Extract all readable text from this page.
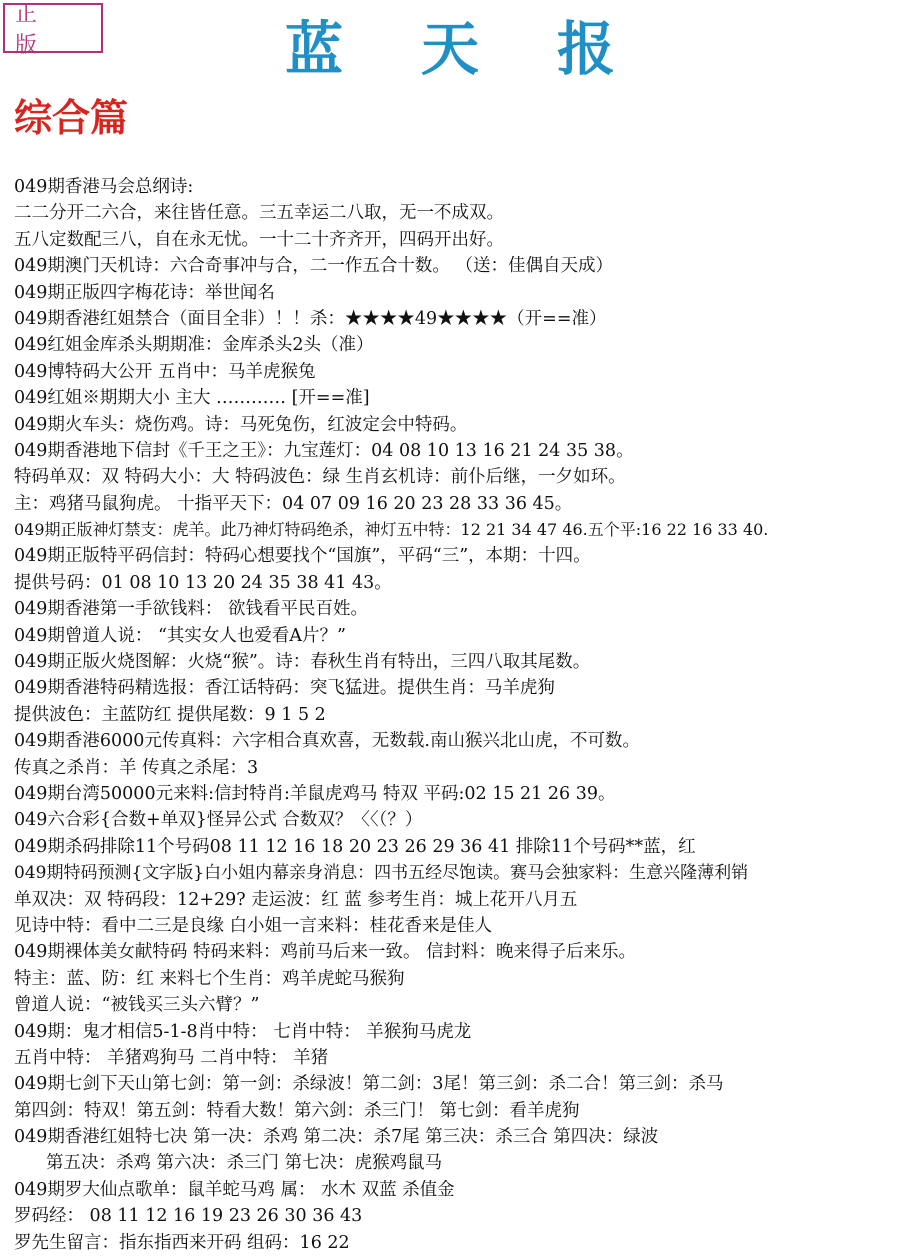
正 版	蓝天报
综合篇
049期香港马会总纲诗:
二二分开二六合，来往皆任意。三五幸运二八取，无一不成双。
五八定数配三八，自在永无忧。一十二十齐齐开，四码开出好。
049期澳门天机诗：六合奇事冲与合，二一作五合十数。 （送：佳偶自天成）
049期正版四字梅花诗：举世闻名
049期香港红姐禁合（面目全非）！！杀：★★★★49★★★★（开==准）
049红姐金库杀头期期准：金库杀头2头（准）
049博特码大公开 五肖中：马羊虎猴兔
049红姐※期期大小 主大 ………… [开==准]
049期火车头：烧伤鸡。诗：马死兔伤，红波定会中特码。
049期香港地下信封《千王之王》：九宝莲灯：04 08 10 13 16 21 24 35 38。
特码单双：双 特码大小：大 特码波色：绿 生肖玄机诗：前仆后继，一夕如环。
主：鸡猪马鼠狗虎。 十指平天下：04 07 09 16 20 23 28 33 36 45。
049期正版神灯禁支：虎羊。此乃神灯特码绝杀，神灯五中特：12 21 34 47 46.五个平:16 22 16 33 40.
049期正版特平码信封：特码心想要找个“国旗”，平码“三”，本期：十四。
提供号码：01 08 10 13 20 24 35 38 41 43。
049期香港第一手欲钱料： 欲钱看平民百姓。
049期曾道人说： “其实女人也爱看A片？”
049期正版火烧图解：火烧“猴”。诗：春秋生肖有特出，三四八取其尾数。
049期香港特码精选报：香江话特码：突飞猛进。提供生肖：马羊虎狗
提供波色：主蓝防红 提供尾数：9 1 5 2
049期香港6000元传真料：六字相合真欢喜，无数载.南山猴兴北山虎，不可数。
传真之杀肖：羊 传真之杀尾：3
049期台湾50000元来料:信封特肖:羊鼠虎鸡马 特双 平码:02 15 21 26 39。
049六合彩{合数+单双}怪异公式 合数双？〈〈（？）
049期杀码排除11个号码08 11 12 16 18 20 23 26 29 36 41 排除11个号码**蓝，红
049期特码预测{文字版}白小姐内幕亲身消息：四书五经尽饱读。赛马会独家料：生意兴隆薄利销
单双决：双 特码段：12+29? 走运波：红 蓝 参考生肖：城上花开八月五
见诗中特：看中二三是良缘 白小姐一言来料：桂花香来是佳人
049期裸体美女献特码 特码来料：鸡前马后来一致。 信封料：晚来得子后来乐。
特主：蓝、防：红 来料七个生肖：鸡羊虎蛇马猴狗
曾道人说：“被钱买三头六臂？”
049期：鬼才相信5-1-8肖中特： 七肖中特： 羊猴狗马虎龙
五肖中特： 羊猪鸡狗马 二肖中特： 羊猪
049期七剑下天山第七剑：第一剑：杀绿波！第二剑：3尾！第三剑：杀二合！第三剑：杀马
第四剑：特双！第五剑：特看大数！第六剑：杀三门！ 第七剑：看羊虎狗
049期香港红姐特七决 第一决：杀鸡 第二决：杀7尾 第三决：杀三合 第四决：绿波
第五决：杀鸡 第六决：杀三门 第七决：虎猴鸡鼠马
049期罗大仙点歌单：鼠羊蛇马鸡 属： 水木 双蓝 杀值金
罗码经： 08 11 12 16 19 23 26 30 36 43
罗先生留言：指东指西来开码 组码：16 22
